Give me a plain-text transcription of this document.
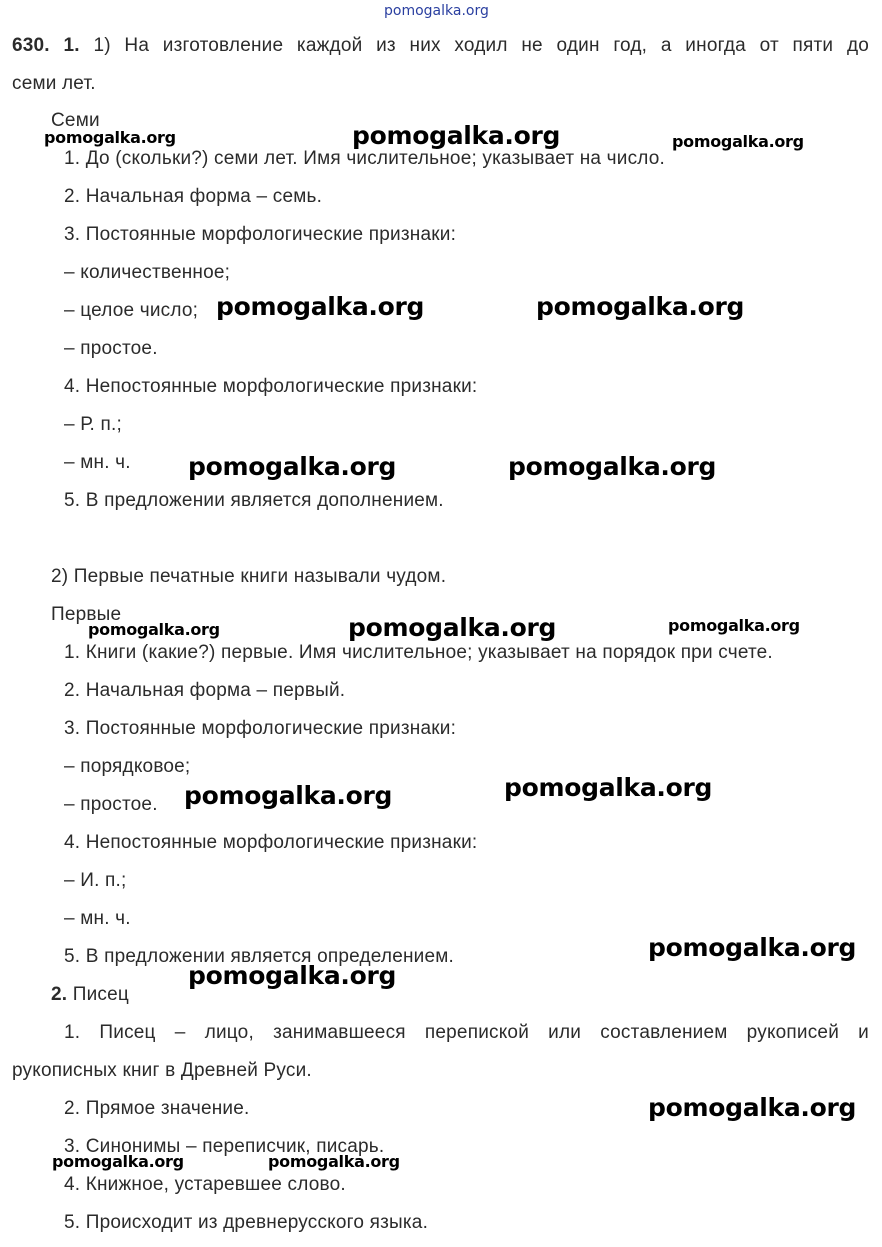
pomogalka.org
630. 1. 1) На изготовление каждой из них ходил не один год, а иногда от пяти до
семи лет.
Семи
1. До (скольки?) семи лет. Имя числительное; указывает на число.
2. Начальная форма – семь.
3. Постоянные морфологические признаки:
– количественное;
– целое число;
– простое.
4. Непостоянные морфологические признаки:
– Р. п.;
– мн. ч.
5. В предложении является дополнением.
2) Первые печатные книги называли чудом.
Первые
1. Книги (какие?) первые. Имя числительное; указывает на порядок при счете.
2. Начальная форма – первый.
3. Постоянные морфологические признаки:
– порядковое;
– простое.
4. Непостоянные морфологические признаки:
– И. п.;
– мн. ч.
5. В предложении является определением.
2. Писец
1. Писец – лицо, занимавшееся перепиской или составлением рукописей и
рукописных книг в Древней Руси.
2. Прямое значение.
3. Синонимы – переписчик, писарь.
4. Книжное, устаревшее слово.
5. Происходит из древнерусского языка.
pomogalka.org	pomogalka.org	pomogalka.org
pomogalka.org	pomogalka.org
pomogalka.org	pomogalka.org
pomogalka.org	pomogalka.org	pomogalka.org
pomogalka.org	pomogalka.org
pomogalka.org
pomogalka.org
pomogalka.org
pomogalka.org	pomogalka.org
